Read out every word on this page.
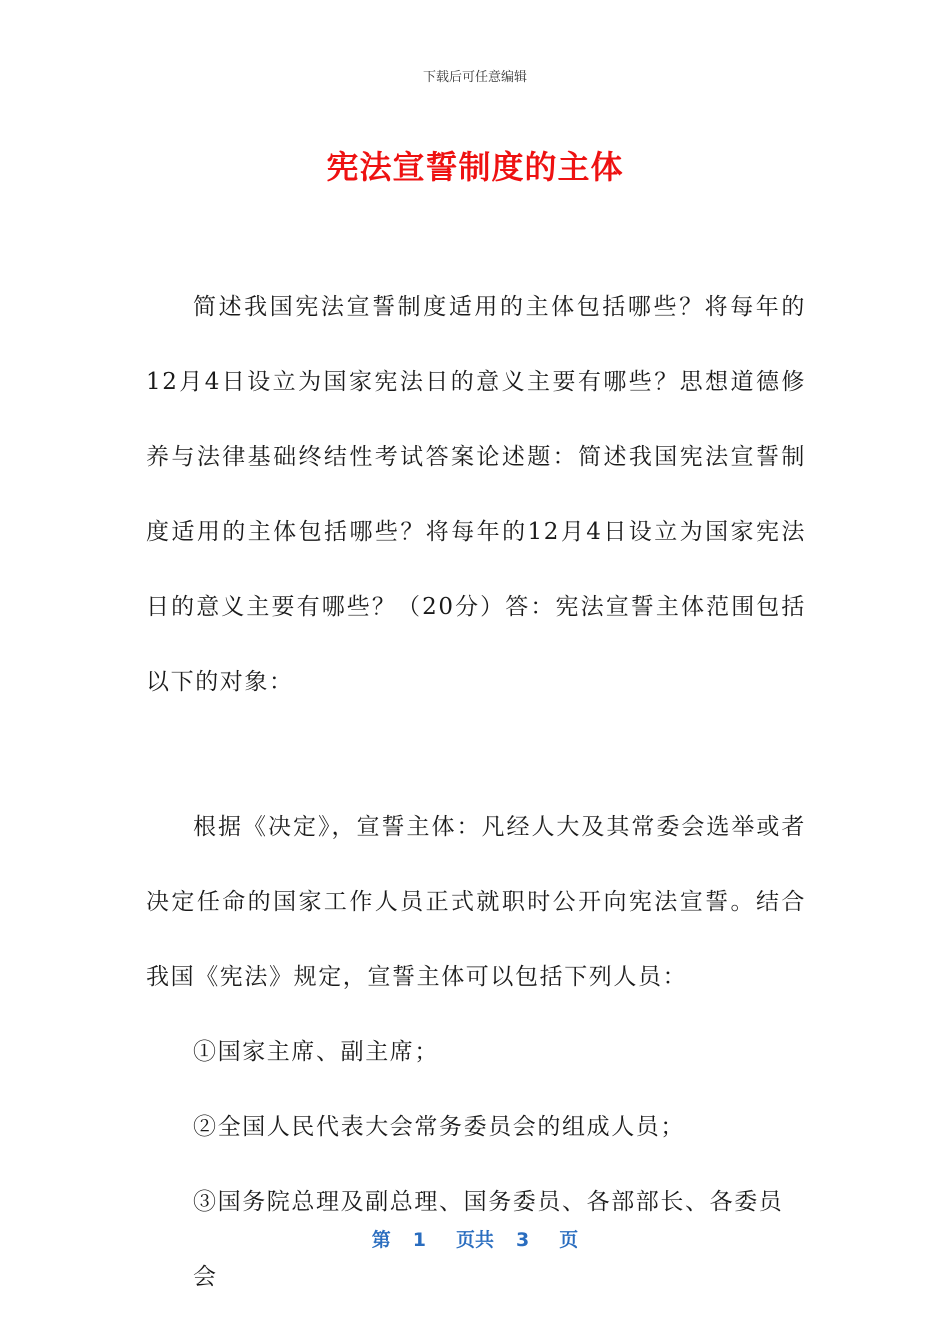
下载后可任意编辑
宪法宣誓制度的主体

简述我国宪法宣誓制度适用的主体包括哪些？将每年的12月4日设立为国家宪法日的意义主要有哪些？思想道德修养与法律基础终结性考试答案论述题：简述我国宪法宣誓制度适用的主体包括哪些？将每年的12月4日设立为国家宪法日的意义主要有哪些？（20分）答：宪法宣誓主体范围包括以下的对象：

根据《决定》，宣誓主体：凡经人大及其常委会选举或者决定任命的国家工作人员正式就职时公开向宪法宣誓。结合我国《宪法》规定，宣誓主体可以包括下列人员：

①国家主席、副主席；

②全国人民代表大会常务委员会的组成人员；

③国务院总理及副总理、国务委员、各部部长、各委员会

第 1 页共 3 页
